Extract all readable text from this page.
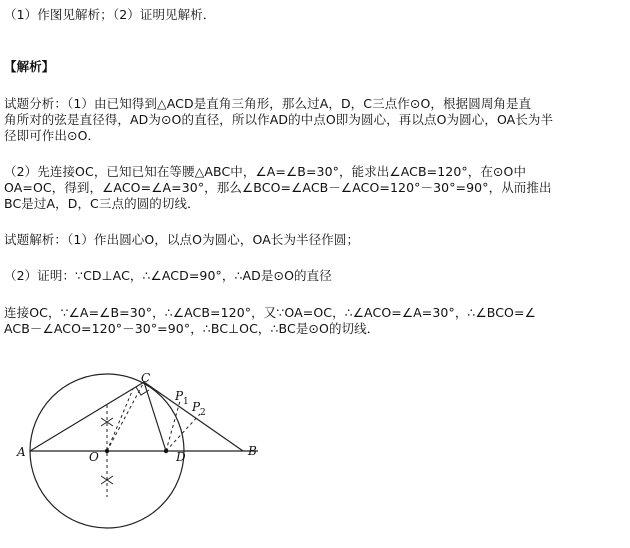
（1）作图见解析；（2）证明见解析．
【解析】
试题分析：（1）由已知得到△ACD是直角三角形，那么过A，D，C三点作⊙O，根据圆周角是直
角所对的弦是直径得，AD为⊙O的直径，所以作AD的中点O即为圆心，再以点O为圆心，OA长为半
径即可作出⊙O．
（2）先连接OC，已知已知在等腰△ABC中，∠A=∠B=30°，能求出∠ACB=120°，在⊙O中
OA=OC，得到，∠ACO=∠A=30°，那么∠BCO=∠ACB－∠ACO=120°－30°=90°，从而推出
BC是过A，D，C三点的圆的切线．
试题解析：（1）作出圆心O，以点O为圆心，OA长为半径作圆；
（2）证明：∵CD⊥AC，∴∠ACD=90°，∴AD是⊙O的直径
连接OC，∵∠A=∠B=30°，∴∠ACB=120°，又∵OA=OC，∴∠ACO=∠A=30°，∴∠BCO=∠
ACB－∠ACO=120°－30°=90°，∴BC⊥OC，∴BC是⊙O的切线．
A	O	D	B
C
P 1 P 2
